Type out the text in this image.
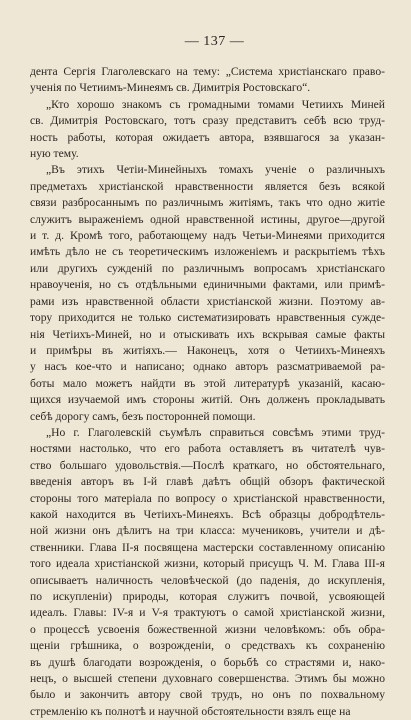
— 137 —

дента Сергія Глаголевскаго на тему: „Система христіанскаго право-
ученія по Четиимъ-Минеямъ св. Димитрія Ростовскаго“.

„Кто хорошо знакомъ съ громадными томами Четиихъ Миней
св. Димитрія Ростовскаго, тотъ сразу представитъ себѣ всю труд-
ность работы, которая ожидаетъ автора, взявшагося за указан-
ную тему.

„Въ этихъ Четіи-Минейныхъ томахъ ученіе о различныхъ
предметахъ христіанской нравственности является безъ всякой
связи разбросаннымъ по различнымъ житіямъ, такъ что одно житіе
служитъ выраженіемъ одной нравственной истины, другое—другой
и т. д. Кромѣ того, работающему надъ Четьи-Минеями приходится
имѣть дѣло не съ теоретическимъ изложеніемъ и раскрытіемъ тѣхъ
или другихъ сужденій по различнымъ вопросамъ христіанскаго
нравоученія, но съ отдѣльными единичными фактами, или примѣ-
рами изъ нравственной области христіанской жизни. Поэтому ав-
тору приходится не только систематизировать нравственныя сужде-
нія Четіихъ-Миней, но и отыскивать ихъ вскрывая самые факты
и примѣры въ житіяхъ.— Наконецъ, хотя о Четиихъ-Минеяхъ
у насъ кое-что и написано; однако авторъ разсматриваемой ра-
боты мало можетъ найдти въ этой литературѣ указаній, касаю-
щихся изучаемой имъ стороны житій. Онъ долженъ прокладывать
себѣ дорогу самъ, безъ посторонней помощи.

„Но г. Глаголевскій съумѣлъ справиться совсѣмъ этими труд-
ностями настолько, что его работа оставляетъ въ читателѣ чув-
ство большаго удовольствія.—Послѣ краткаго, но обстоятельнаго,
введенія авторъ въ I-й главѣ даѣтъ общій обзоръ фактической
стороны того матеріала по вопросу о христіанской нравственности,
какой находится въ Четіихъ-Минеяхъ. Всѣ образцы добродѣтель-
ной жизни онъ дѣлитъ на три класса: мучениковъ, учители и дѣ-
ственники. Глава II-я посвящена мастерски составленному описанію
того идеала христіанской жизни, который присущъ Ч. М. Глава III-я
описываетъ наличность человѣческой (до паденія, до искупленія,
по искупленіи) природы, которая служитъ почвой, усвояющей
идеалъ. Главы: IV-я и V-я трактуютъ о самой христіанской жизни,
о процессѣ усвоенія божественной жизни человѣкомъ: объ обра-
щеніи грѣшника, о возрожденіи, о средствахъ къ сохраненію
въ душѣ благодати возрожденія, о борьбѣ со страстями и, нако-
нецъ, о высшей степени духовнаго совершенства. Этимъ бы можно
было и закончить автору свой трудъ, но онъ по похвальному
стремленію къ полнотѣ и научной обстоятельности взялъ еще на
